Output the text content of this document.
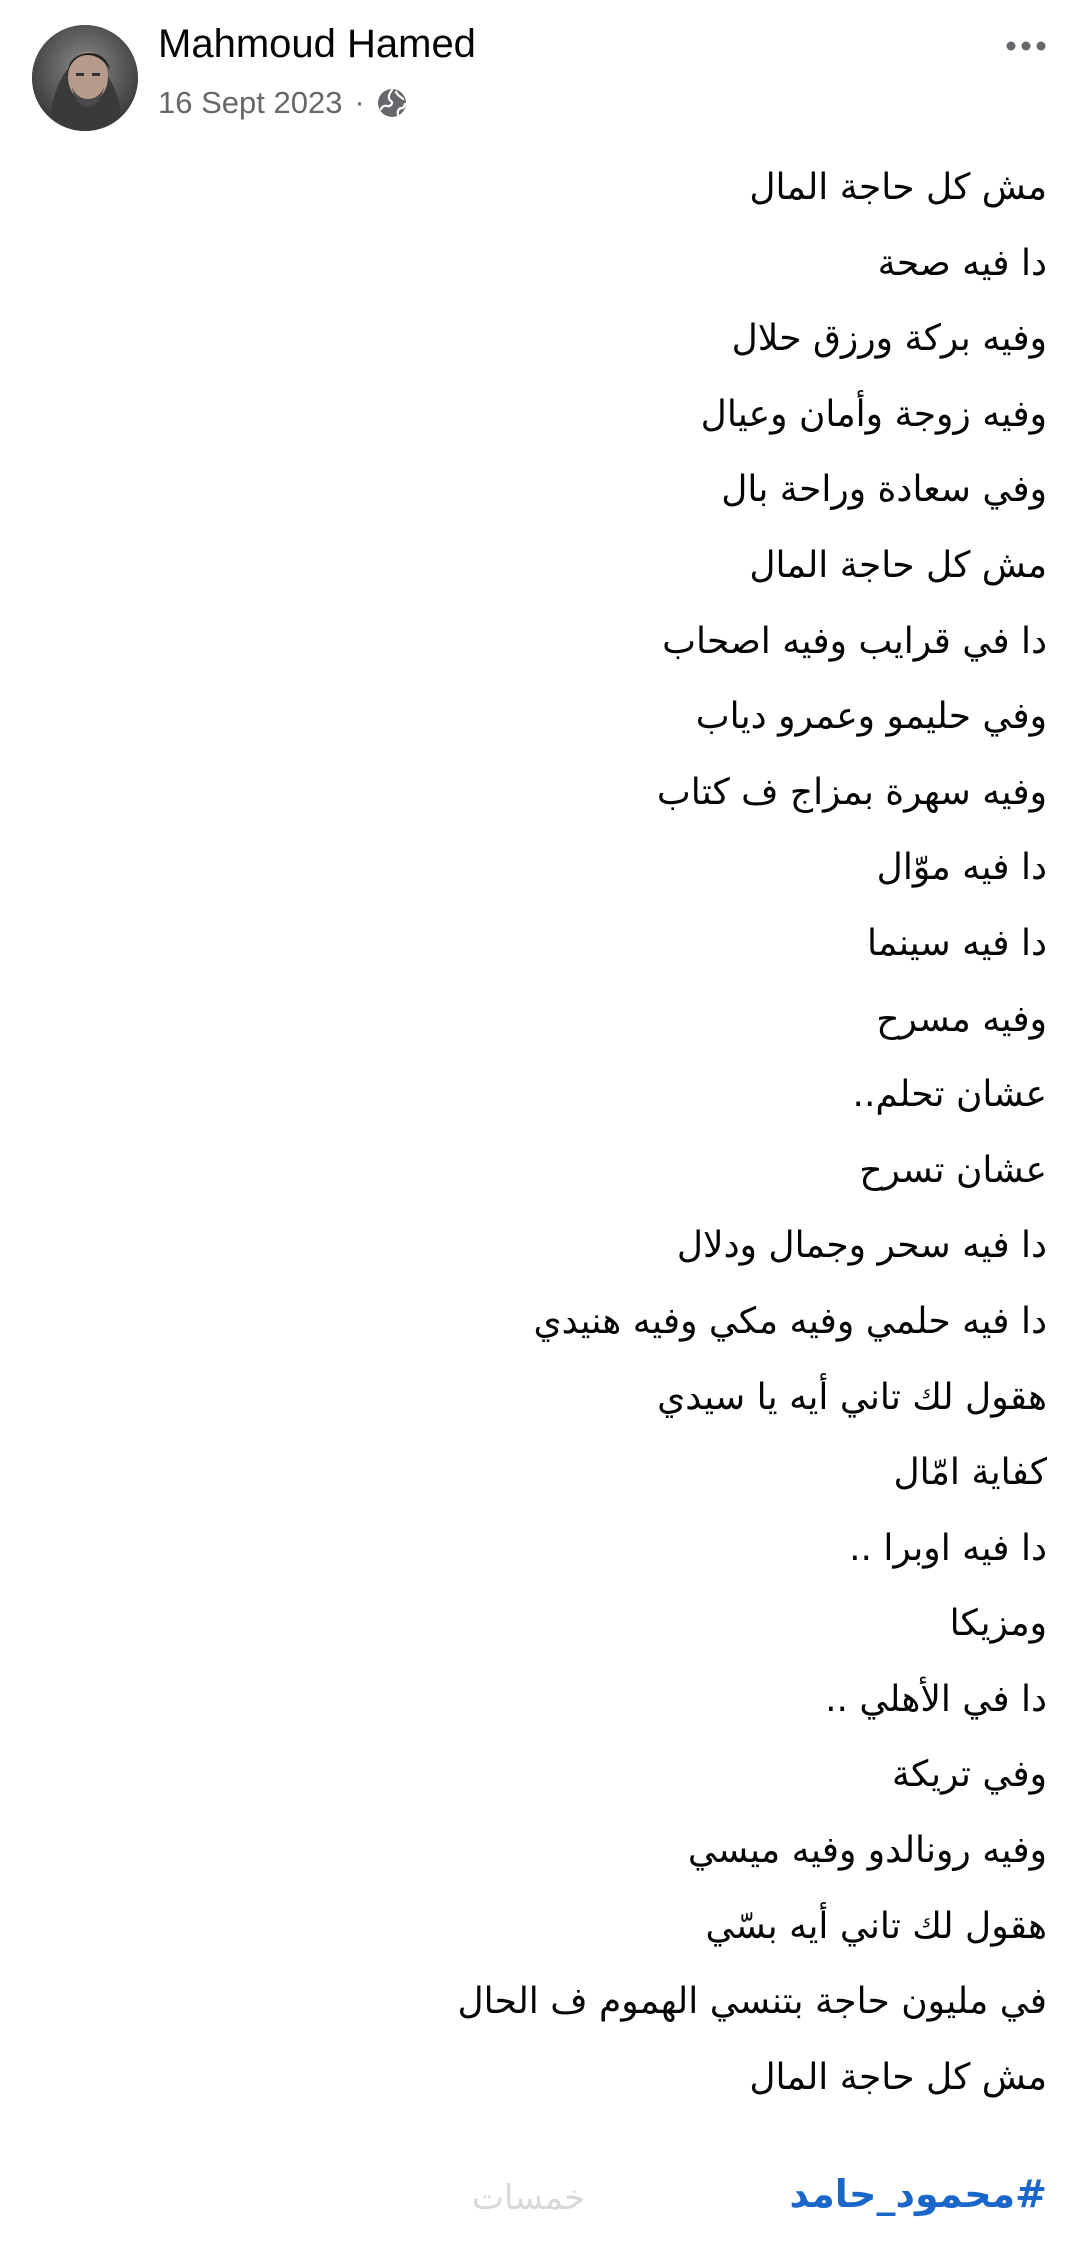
Mahmoud Hamed
16 Sept 2023 ·
مش كل حاجة المال
دا فيه صحة
وفيه بركة ورزق حلال
وفيه زوجة وأمان وعيال
وفي سعادة وراحة بال
مش كل حاجة المال
دا في قرايب وفيه اصحاب
وفي حليمو وعمرو دياب
وفيه سهرة بمزاج ف كتاب
دا فيه موّال
دا فيه سينما
وفيه مسرح
عشان تحلم..
عشان تسرح
دا فيه سحر وجمال ودلال
دا فيه حلمي وفيه مكي وفيه هنيدي
هقول لك تاني أيه يا سيدي
كفاية امّال
دا فيه اوبرا ..
ومزيكا
دا في الأهلي ..
وفي تريكة
وفيه رونالدو وفيه ميسي
هقول لك تاني أيه بسّي
في مليون حاجة بتنسي الهموم ف الحال
مش كل حاجة المال
خمسات	#محمود_حامد
